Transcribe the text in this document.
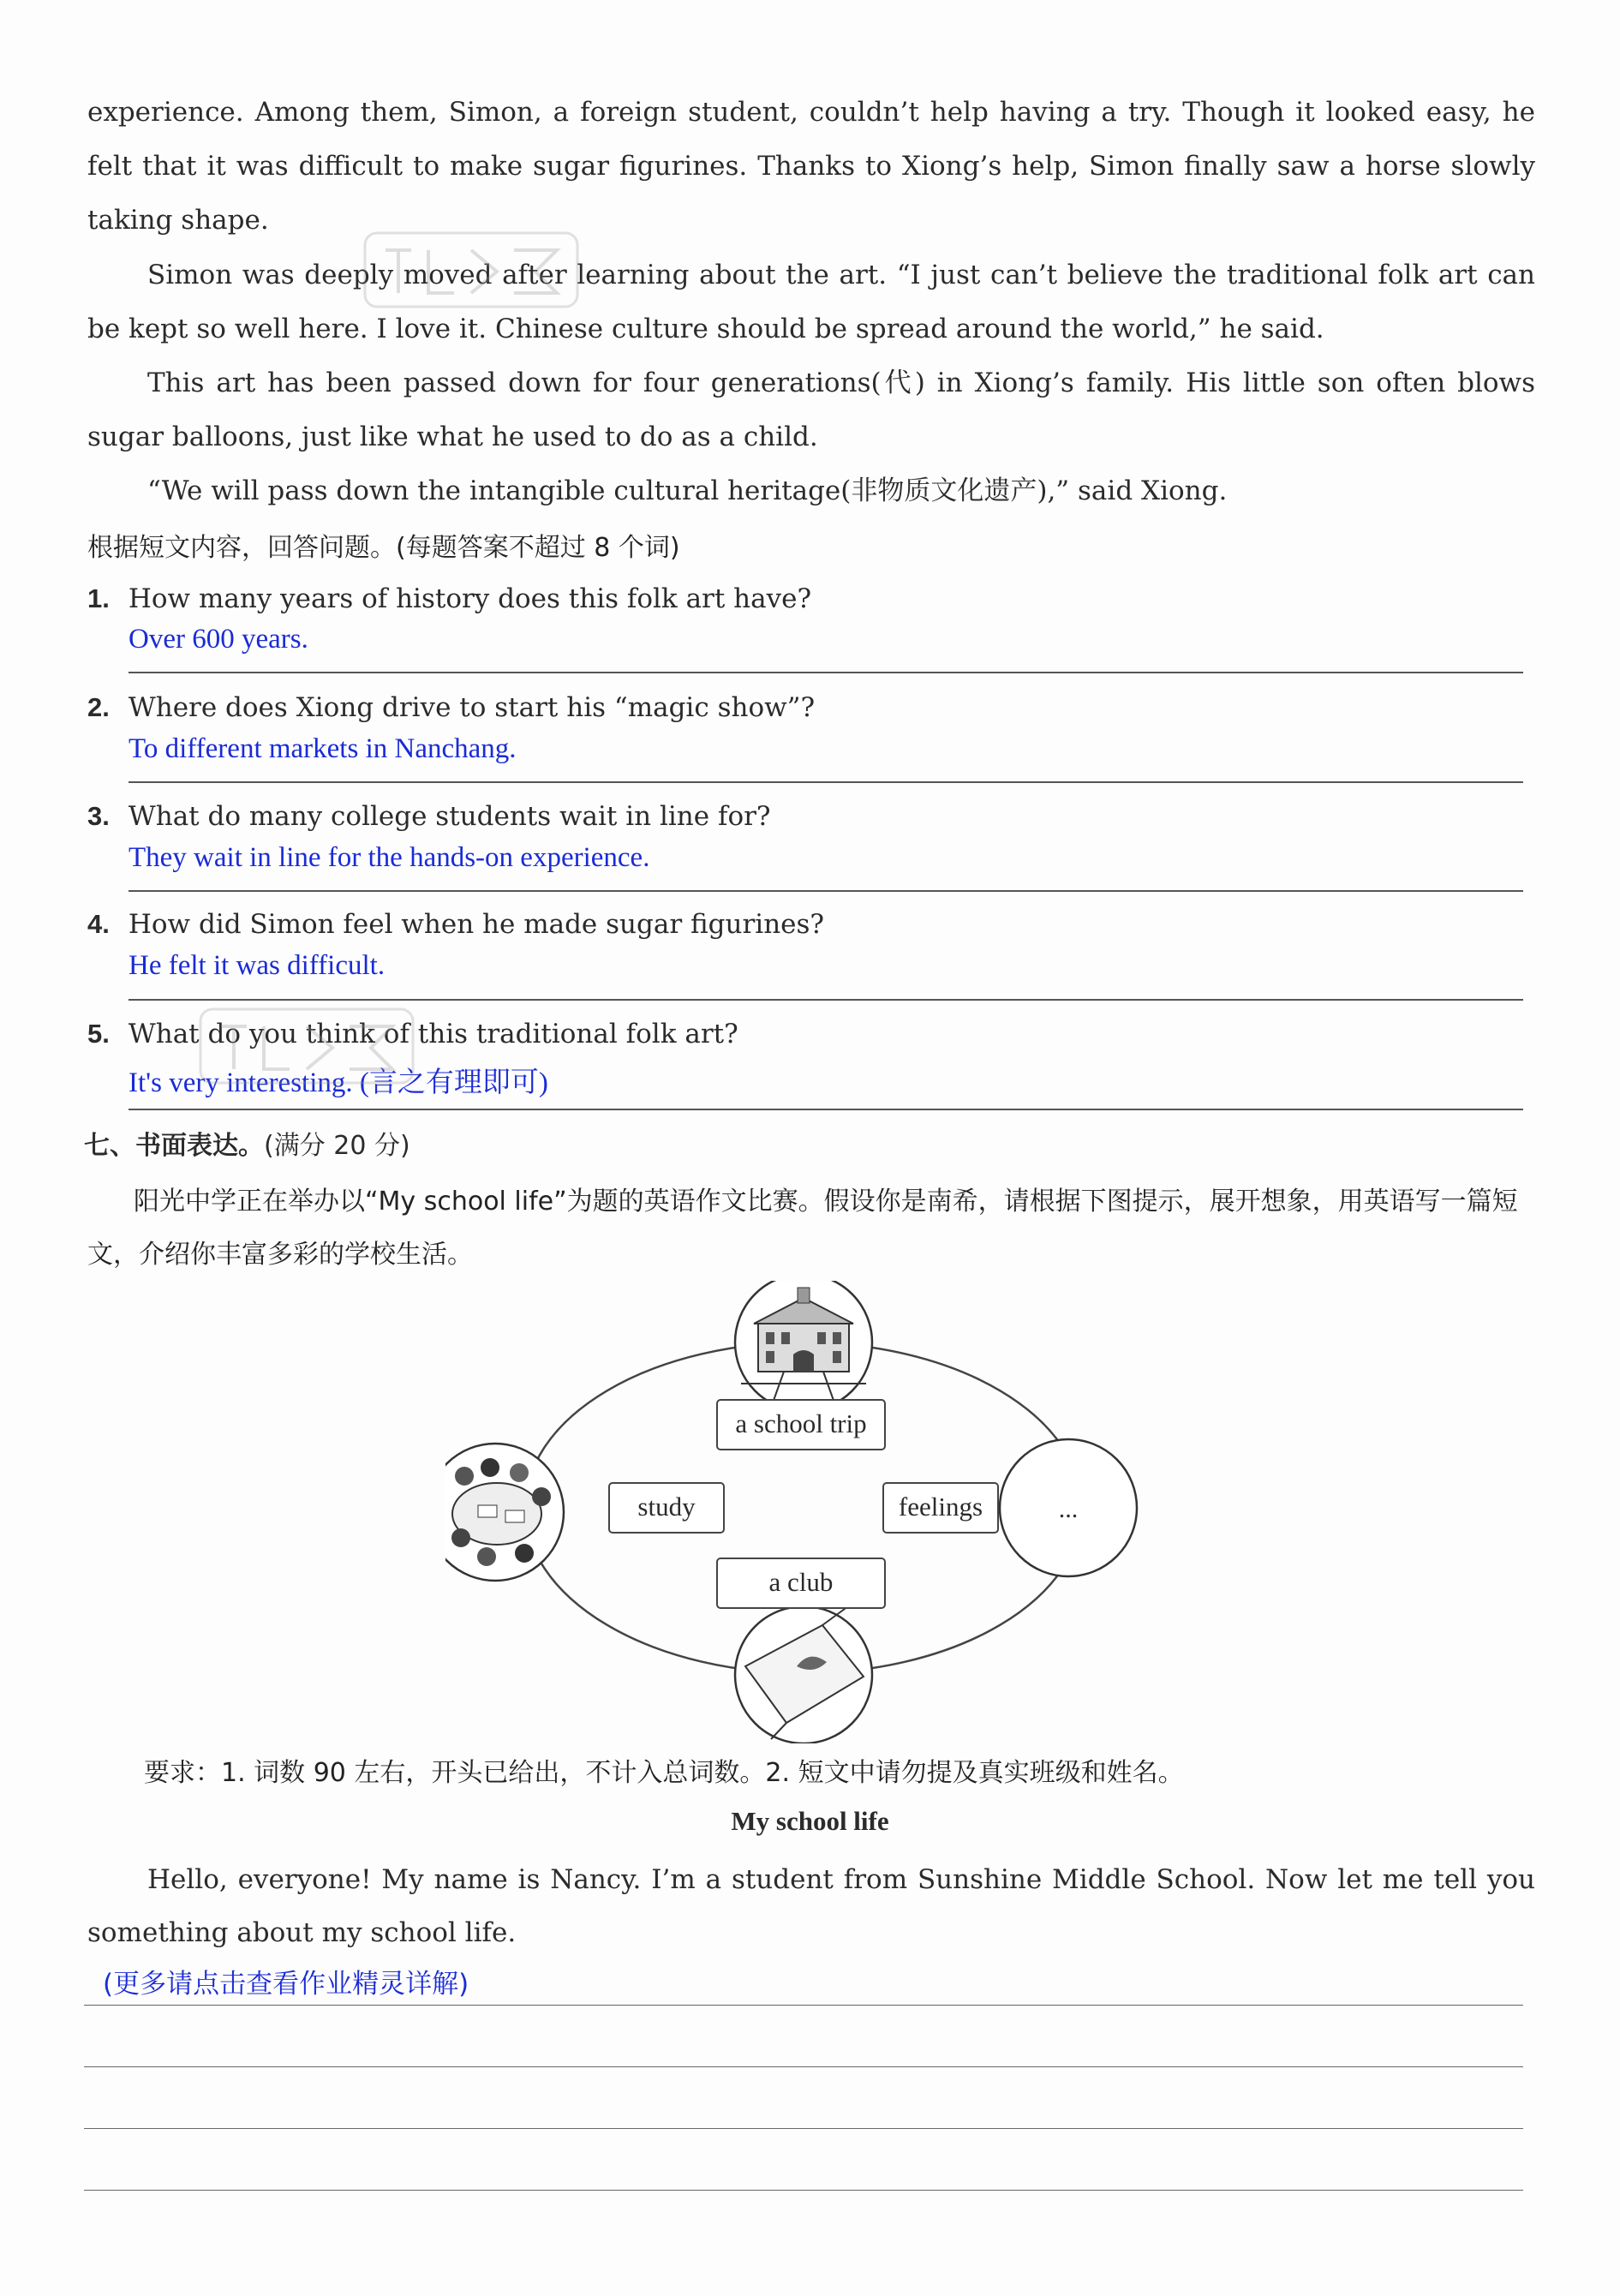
experience. Among them, Simon, a foreign student, couldn’t help having a try. Though it looked easy, he felt that it was difficult to make sugar figurines. Thanks to Xiong’s help, Simon finally saw a horse slowly taking shape.

Simon was deeply moved after learning about the art. “I just can’t believe the traditional folk art can be kept so well here. I love it. Chinese culture should be spread around the world,” he said.

This art has been passed down for four generations(代) in Xiong’s family. His little son often blows sugar balloons, just like what he used to do as a child.

“We will pass down the intangible cultural heritage(非物质文化遗产),” said Xiong.

根据短文内容，回答问题。(每题答案不超过 8 个词)
1. How many years of history does this folk art have?
Over 600 years.
2. Where does Xiong drive to start his “magic show”?
To different markets in Nanchang.
3. What do many college students wait in line for?
They wait in line for the hands-on experience.
4. How did Simon feel when he made sugar figurines?
He felt it was difficult.
5. What do you think of this traditional folk art?
It's very interesting. (言之有理即可)
七、书面表达。(满分 20 分)
阳光中学正在举办以“My school life”为题的英语作文比赛。假设你是南希，请根据下图提示，展开想象，用英语写一篇短文，介绍你丰富多彩的学校生活。
a school trip
study	feelings
a club
...
要求：1. 词数 90 左右，开头已给出，不计入总词数。2. 短文中请勿提及真实班级和姓名。
My school life

Hello, everyone! My name is Nancy. I’m a student from Sunshine Middle School. Now let me tell you something about my school life.

(更多请点击查看作业精灵详解)
